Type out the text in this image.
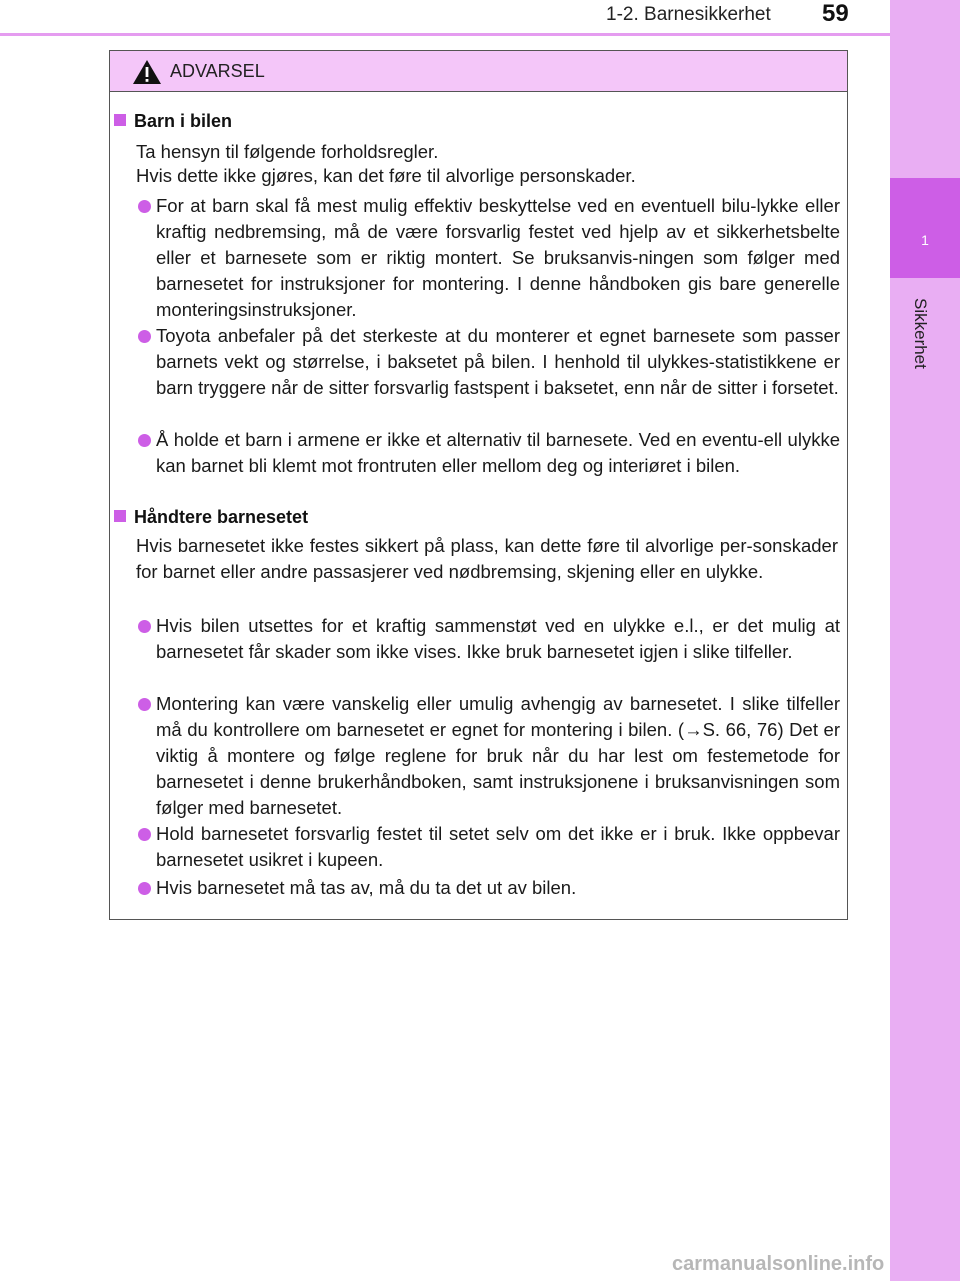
1-2. Barnesikkerhet 59
1
Sikkerhet
ADVARSEL
Barn i bilen
Ta hensyn til følgende forholdsregler.
Hvis dette ikke gjøres, kan det føre til alvorlige personskader.
For at barn skal få mest mulig effektiv beskyttelse ved en eventuell bilu-lykke eller kraftig nedbremsing, må de være forsvarlig festet ved hjelp av et sikkerhetsbelte eller et barnesete som er riktig montert. Se bruksanvis-ningen som følger med barnesetet for instruksjoner for montering. I denne håndboken gis bare generelle monteringsinstruksjoner.
Toyota anbefaler på det sterkeste at du monterer et egnet barnesete som passer barnets vekt og størrelse, i baksetet på bilen. I henhold til ulykkes-statistikkene er barn tryggere når de sitter forsvarlig fastspent i baksetet, enn når de sitter i forsetet.
Å holde et barn i armene er ikke et alternativ til barnesete. Ved en eventu-ell ulykke kan barnet bli klemt mot frontruten eller mellom deg og interiøret i bilen.
Håndtere barnesetet
Hvis barnesetet ikke festes sikkert på plass, kan dette føre til alvorlige per-sonskader for barnet eller andre passasjerer ved nødbremsing, skjening eller en ulykke.
Hvis bilen utsettes for et kraftig sammenstøt ved en ulykke e.l., er det mulig at barnesetet får skader som ikke vises. Ikke bruk barnesetet igjen i slike tilfeller.
Montering kan være vanskelig eller umulig avhengig av barnesetet. I slike tilfeller må du kontrollere om barnesetet er egnet for montering i bilen. (→S. 66, 76) Det er viktig å montere og følge reglene for bruk når du har lest om festemetode for barnesetet i denne brukerhåndboken, samt instruksjonene i bruksanvisningen som følger med barnesetet.
Hold barnesetet forsvarlig festet til setet selv om det ikke er i bruk. Ikke oppbevar barnesetet usikret i kupeen.
Hvis barnesetet må tas av, må du ta det ut av bilen.
carmanualsonline.info
